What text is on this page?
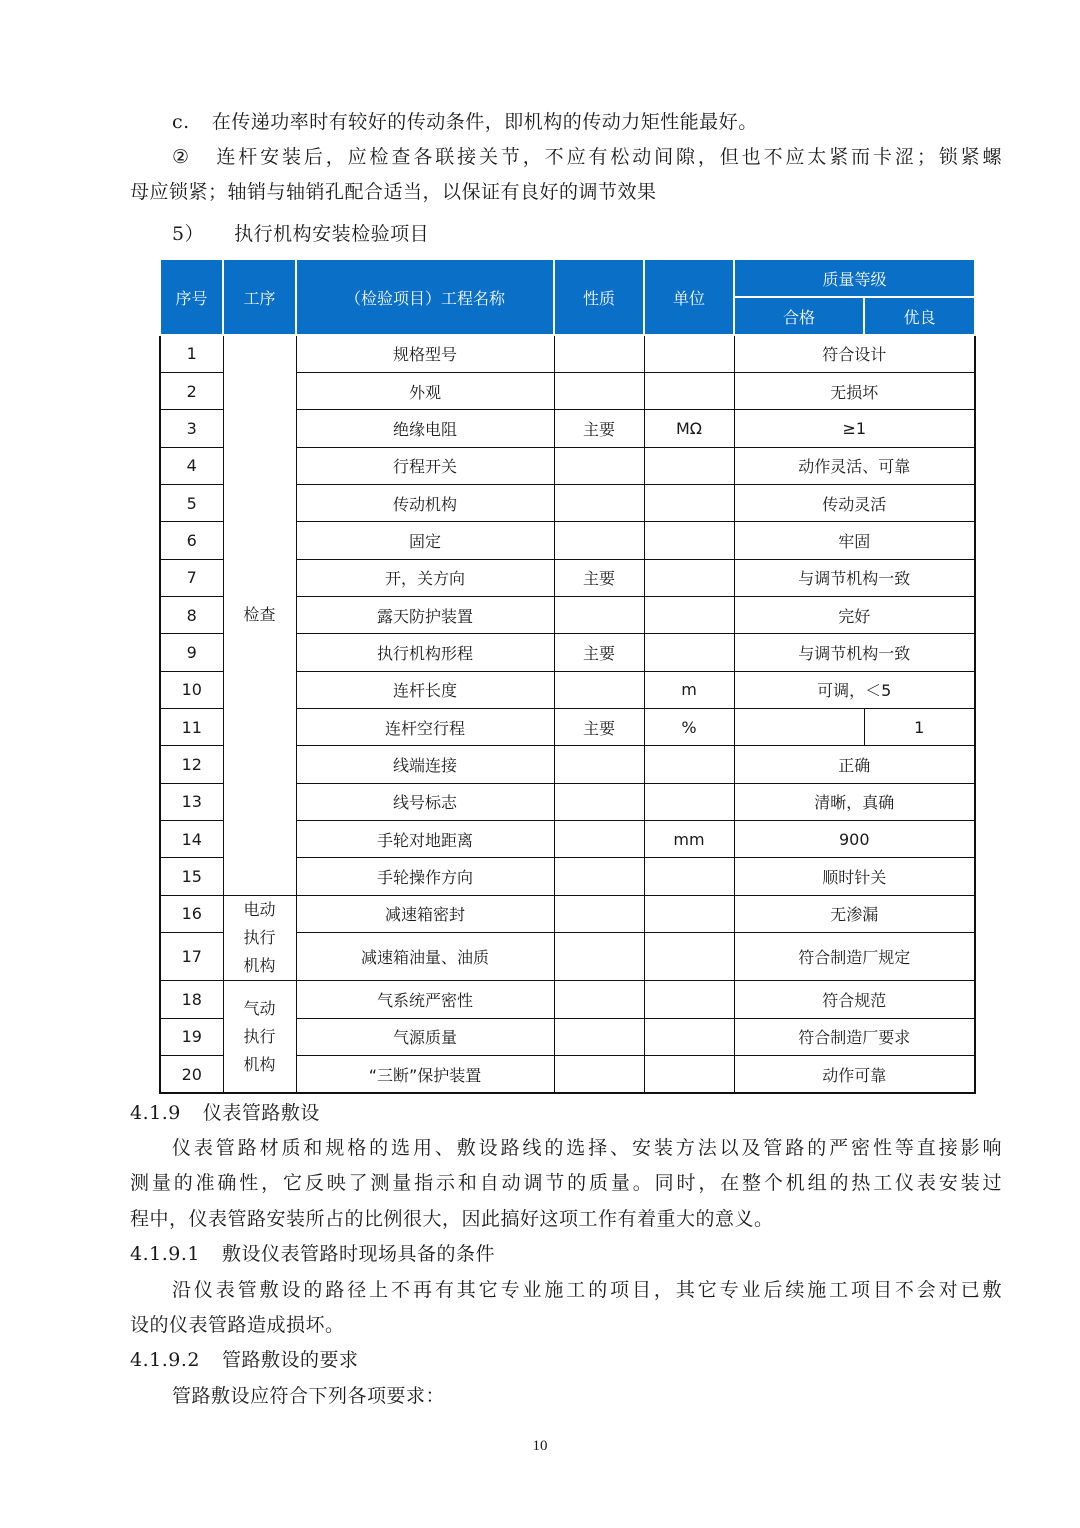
c. 在传递功率时有较好的传动条件，即机构的传动力矩性能最好。
② 连杆安装后，应检查各联接关节，不应有松动间隙，但也不应太紧而卡涩；锁紧螺
母应锁紧；轴销与轴销孔配合适当，以保证有良好的调节效果
5） 执行机构安装检验项目
序号	工序	（检验项目）工程名称	性质	单位	质量等级	
					合格	优良
1	检查	规格型号			符合设计	
2		外观			无损坏	
3		绝缘电阻	主要	MΩ	≥1	
4		行程开关			动作灵活、可靠	
5		传动机构			传动灵活	
6		固定			牢固	
7		开，关方向	主要		与调节机构一致	
8		露天防护装置			完好	
9		执行机构形程	主要		与调节机构一致	
10		连杆长度		m	可调，＜5	
11		连杆空行程	主要	%		1
12		线端连接			正确	
13		线号标志			清晰，真确	
14		手轮对地距离		mm	900	
15		手轮操作方向			顺时针关	
16	电动
执行
机构	减速箱密封			无渗漏	
17		减速箱油量、油质			符合制造厂规定	
18	气动
执行
机构	气系统严密性			符合规范	
19		气源质量			符合制造厂要求	
20		“三断”保护装置			动作可靠	
4.1.9 仪表管路敷设
仪表管路材质和规格的选用、敷设路线的选择、安装方法以及管路的严密性等直接影响
测量的准确性，它反映了测量指示和自动调节的质量。同时，在整个机组的热工仪表安装过
程中，仪表管路安装所占的比例很大，因此搞好这项工作有着重大的意义。
4.1.9.1 敷设仪表管路时现场具备的条件
沿仪表管敷设的路径上不再有其它专业施工的项目，其它专业后续施工项目不会对已敷
设的仪表管路造成损坏。
4.1.9.2 管路敷设的要求
管路敷设应符合下列各项要求：
10
